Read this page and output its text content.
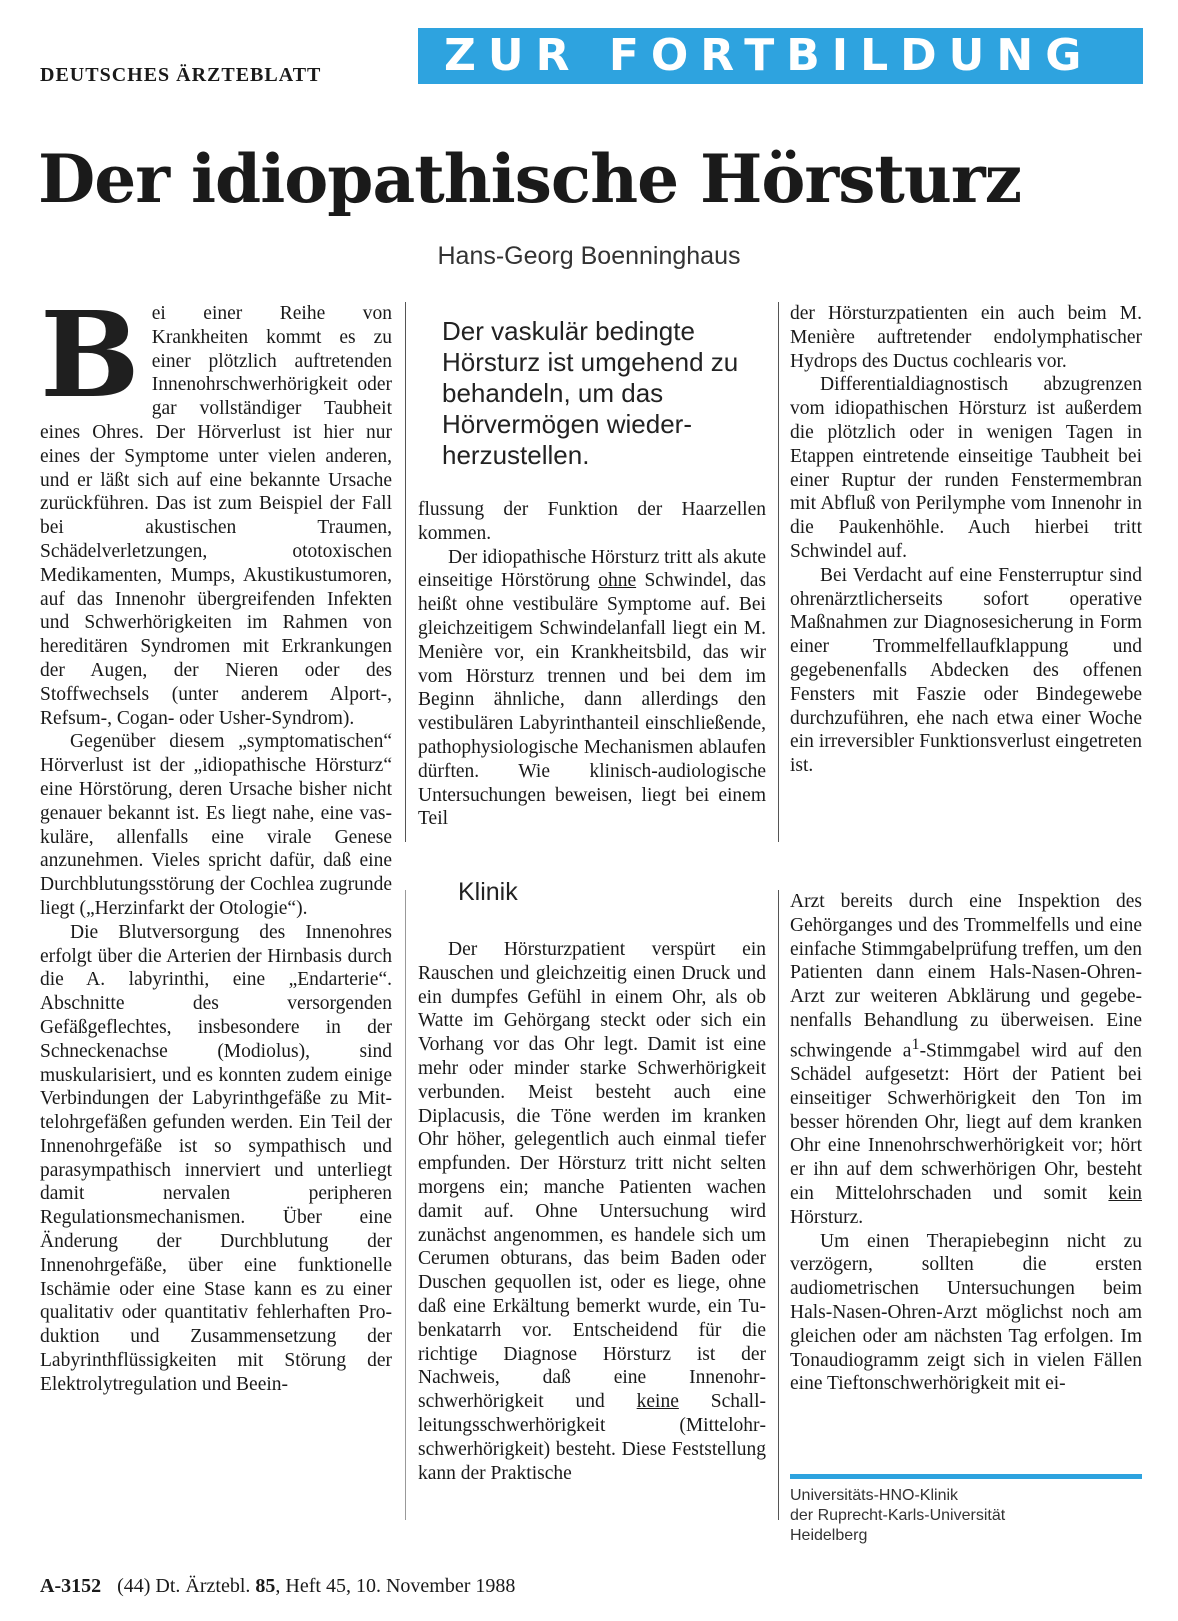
DEUTSCHES ÄRZTEBLATT	ZUR FORTBILDUNG
Der idiopathische Hörsturz
Hans-Georg Boenninghaus

Bei einer Reihe von Krankheiten kommt es zu einer plötzlich auftretenden Innenohrschwerhörigkeit oder gar vollständiger Taubheit eines Ohres. Der Hörverlust ist hier nur eines der Symptome unter vielen anderen, und er läßt sich auf eine bekannte Ursache zurückführen. Das ist zum Beispiel der Fall bei akustischen Traumen, Schädelverletzungen, ototoxischen Medikamenten, Mumps, Akustikustumoren, auf das Innenohr übergreifenden Infekten und Schwerhörigkeiten im Rahmen von hereditären Syndromen mit Erkrankungen der Augen, der Nieren oder des Stoffwechsels (unter anderem Alport-, Refsum-, Cogan- oder Usher-Syndrom).

Gegenüber diesem „symptomatischen“ Hörverlust ist der „idiopathische Hörsturz“ eine Hörstörung, deren Ursache bisher nicht genauer bekannt ist. Es liegt nahe, eine vaskuläre, allenfalls eine virale Genese anzunehmen. Vieles spricht dafür, daß eine Durchblutungsstörung der Cochlea zugrunde liegt („Herzinfarkt der Otologie“).

Die Blutversorgung des Innenohres erfolgt über die Arterien der Hirnbasis durch die A. labyrinthi, eine „Endarterie“. Abschnitte des versorgenden Gefäßgeflechtes, insbesondere in der Schneckenachse (Modiolus), sind muskularisiert, und es konnten zudem einige Verbindungen der Labyrinthgefäße zu Mittelohrgefäßen gefunden werden. Ein Teil der Innenohrgefäße ist so sympathisch und parasympathisch innerviert und unterliegt damit nervalen peripheren Regulationsmechanismen. Über eine Änderung der Durchblutung der Innenohrgefäße, über eine funktionelle Ischämie oder eine Stase kann es zu einer qualitativ oder quantitativ fehlerhaften Produktion und Zusammensetzung der Labyrinthflüssigkeiten mit Störung der Elektrolytregulation und Beein-

Der vaskulär bedingte Hörsturz ist umgehend zu behandeln, um das Hörvermögen wiederherzustellen.

flussung der Funktion der Haarzellen kommen.

Der idiopathische Hörsturz tritt als akute einseitige Hörstörung ohne Schwindel, das heißt ohne vestibuläre Symptome auf. Bei gleichzeitigem Schwindelanfall liegt ein M. Menière vor, ein Krankheitsbild, das wir vom Hörsturz trennen und bei dem im Beginn ähnliche, dann allerdings den vestibulären Labyrinthanteil einschließende, pathophysiologische Mechanismen ablaufen dürften. Wie klinisch-audiologische Untersuchungen beweisen, liegt bei einem Teil

der Hörsturzpatienten ein auch beim M. Menière auftretender endolymphatischer Hydrops des Ductus cochlearis vor.

Differentialdiagnostisch abzugrenzen vom idiopathischen Hörsturz ist außerdem die plötzlich oder in wenigen Tagen in Etappen eintretende einseitige Taubheit bei einer Ruptur der runden Fenstermembran mit Abfluß von Perilymphe vom Innenohr in die Paukenhöhle. Auch hierbei tritt Schwindel auf.

Bei Verdacht auf eine Fensterruptur sind ohrenärztlicherseits sofort operative Maßnahmen zur Diagnosesicherung in Form einer Trommelfellaufklappung und gegebenenfalls Abdecken des offenen Fensters mit Faszie oder Bindegewebe durchzuführen, ehe nach etwa einer Woche ein irreversibler Funktionsverlust eingetreten ist.

Klinik

Der Hörsturzpatient verspürt ein Rauschen und gleichzeitig einen Druck und ein dumpfes Gefühl in einem Ohr, als ob Watte im Gehörgang steckt oder sich ein Vorhang vor das Ohr legt. Damit ist eine mehr oder minder starke Schwerhörigkeit verbunden. Meist besteht auch eine Diplacusis, die Töne werden im kranken Ohr höher, gelegentlich auch einmal tiefer empfunden. Der Hörsturz tritt nicht selten morgens ein; manche Patienten wachen damit auf. Ohne Untersuchung wird zunächst angenommen, es handele sich um Cerumen obturans, das beim Baden oder Duschen gequollen ist, oder es liege, ohne daß eine Erkältung bemerkt wurde, ein Tubenkatarrh vor. Entscheidend für die richtige Diagnose Hörsturz ist der Nachweis, daß eine Innenohrschwerhörigkeit und keine Schallleitungsschwerhörigkeit (Mittelohrschwerhörigkeit) besteht. Diese Feststellung kann der Praktische

Arzt bereits durch eine Inspektion des Gehörganges und des Trommelfells und eine einfache Stimmgabelprüfung treffen, um den Patienten dann einem Hals-Nasen-Ohren-Arzt zur weiteren Abklärung und gegebenenfalls Behandlung zu überweisen. Eine schwingende $a^1$-Stimmgabel wird auf den Schädel aufgesetzt: Hört der Patient bei einseitiger Schwerhörigkeit den Ton im besser hörenden Ohr, liegt auf dem kranken Ohr eine Innenohrschwerhörigkeit vor; hört er ihn auf dem schwerhörigen Ohr, besteht ein Mittelohrschaden und somit kein Hörsturz.

Um einen Therapiebeginn nicht zu verzögern, sollten die ersten audiometrischen Untersuchungen beim Hals-Nasen-Ohren-Arzt möglichst noch am gleichen oder am nächsten Tag erfolgen. Im Tonaudiogramm zeigt sich in vielen Fällen eine Tieftonschwerhörigkeit mit ei-

Universitäts-HNO-Klinik
der Ruprecht-Karls-Universität
Heidelberg
A-3152 (44) Dt. Ärztebl. 85, Heft 45, 10. November 1988
